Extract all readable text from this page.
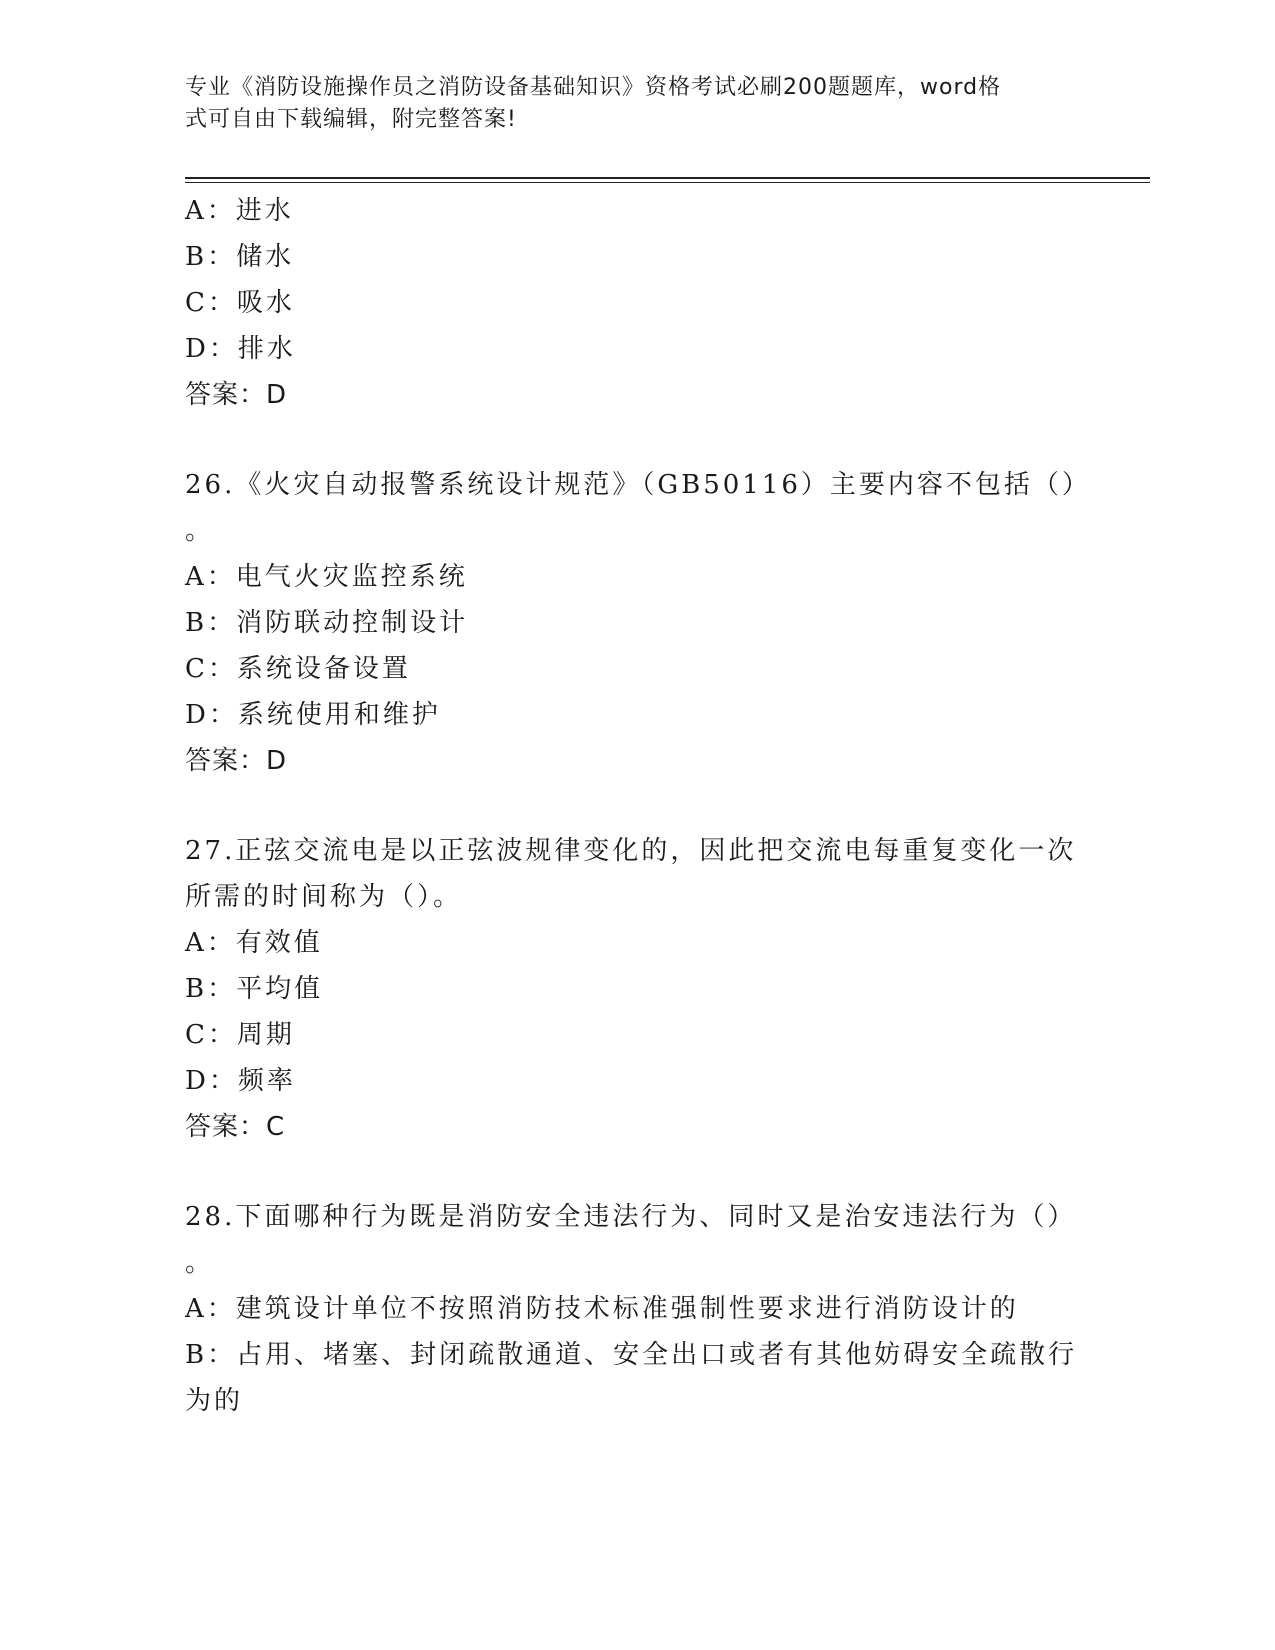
专业《消防设施操作员之消防设备基础知识》资格考试必刷200题题库，word格
式可自由下载编辑，附完整答案!
A：进水
B：储水
C：吸水
D：排水
答案：D
26.《火灾自动报警系统设计规范》（GB50116）主要内容不包括（）
。
A：电气火灾监控系统
B：消防联动控制设计
C：系统设备设置
D：系统使用和维护
答案：D
27.正弦交流电是以正弦波规律变化的，因此把交流电每重复变化一次
所需的时间称为（）。
A：有效值
B：平均值
C：周期
D：频率
答案：C
28.下面哪种行为既是消防安全违法行为、同时又是治安违法行为（）
。
A：建筑设计单位不按照消防技术标准强制性要求进行消防设计的
B：占用、堵塞、封闭疏散通道、安全出口或者有其他妨碍安全疏散行
为的
